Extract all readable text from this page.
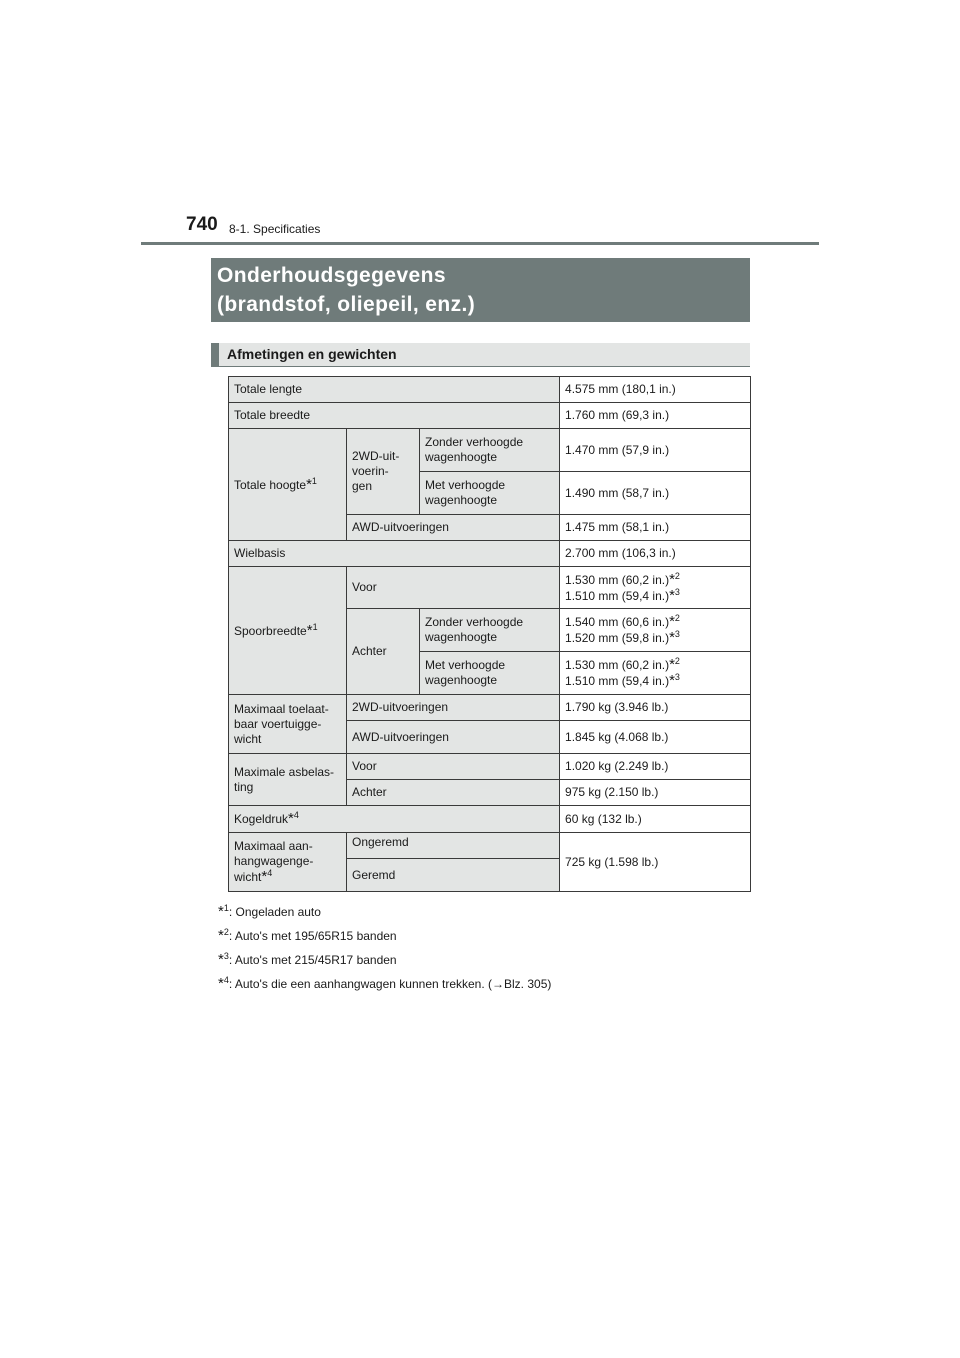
740 8-1. Specificaties
Onderhoudsgegevens
(brandstof, oliepeil, enz.)
Afmetingen en gewichten
Totale lengte			4.575 mm (180,1 in.)
Totale breedte			1.760 mm (69,3 in.)
Totale hoogte*$^1$	2WD-uit-
voerin-
gen	Zonder verhoogde
wagenhoogte	1.470 mm (57,9 in.)
		Met verhoogde
wagenhoogte	1.490 mm (58,7 in.)
	AWD-uitvoeringen		1.475 mm (58,1 in.)
Wielbasis			2.700 mm (106,3 in.)
Spoorbreedte*$^1$	Voor		1.530 mm (60,2 in.)*$^2$
1.510 mm (59,4 in.)*$^3$
	Achter	Zonder verhoogde
wagenhoogte	1.540 mm (60,6 in.)*$^2$
1.520 mm (59,8 in.)*$^3$
		Met verhoogde
wagenhoogte	1.530 mm (60,2 in.)*$^2$
1.510 mm (59,4 in.)*$^3$
Maximaal toelaat-
baar voertuigge-
wicht	2WD-uitvoeringen		1.790 kg (3.946 lb.)
	AWD-uitvoeringen		1.845 kg (4.068 lb.)
Maximale asbelas-
ting	Voor		1.020 kg (2.249 lb.)
	Achter		975 kg (2.150 lb.)
Kogeldruk*$^4$			60 kg (132 lb.)
Maximaal aan-
hangwagenge-
wicht*$^4$	Ongeremd		725 kg (1.598 lb.)
	Geremd		
*$^1$: Ongeladen auto
*$^2$: Auto's met 195/65R15 banden
*$^3$: Auto's met 215/45R17 banden
*$^4$: Auto's die een aanhangwagen kunnen trekken. (→Blz. 305)
